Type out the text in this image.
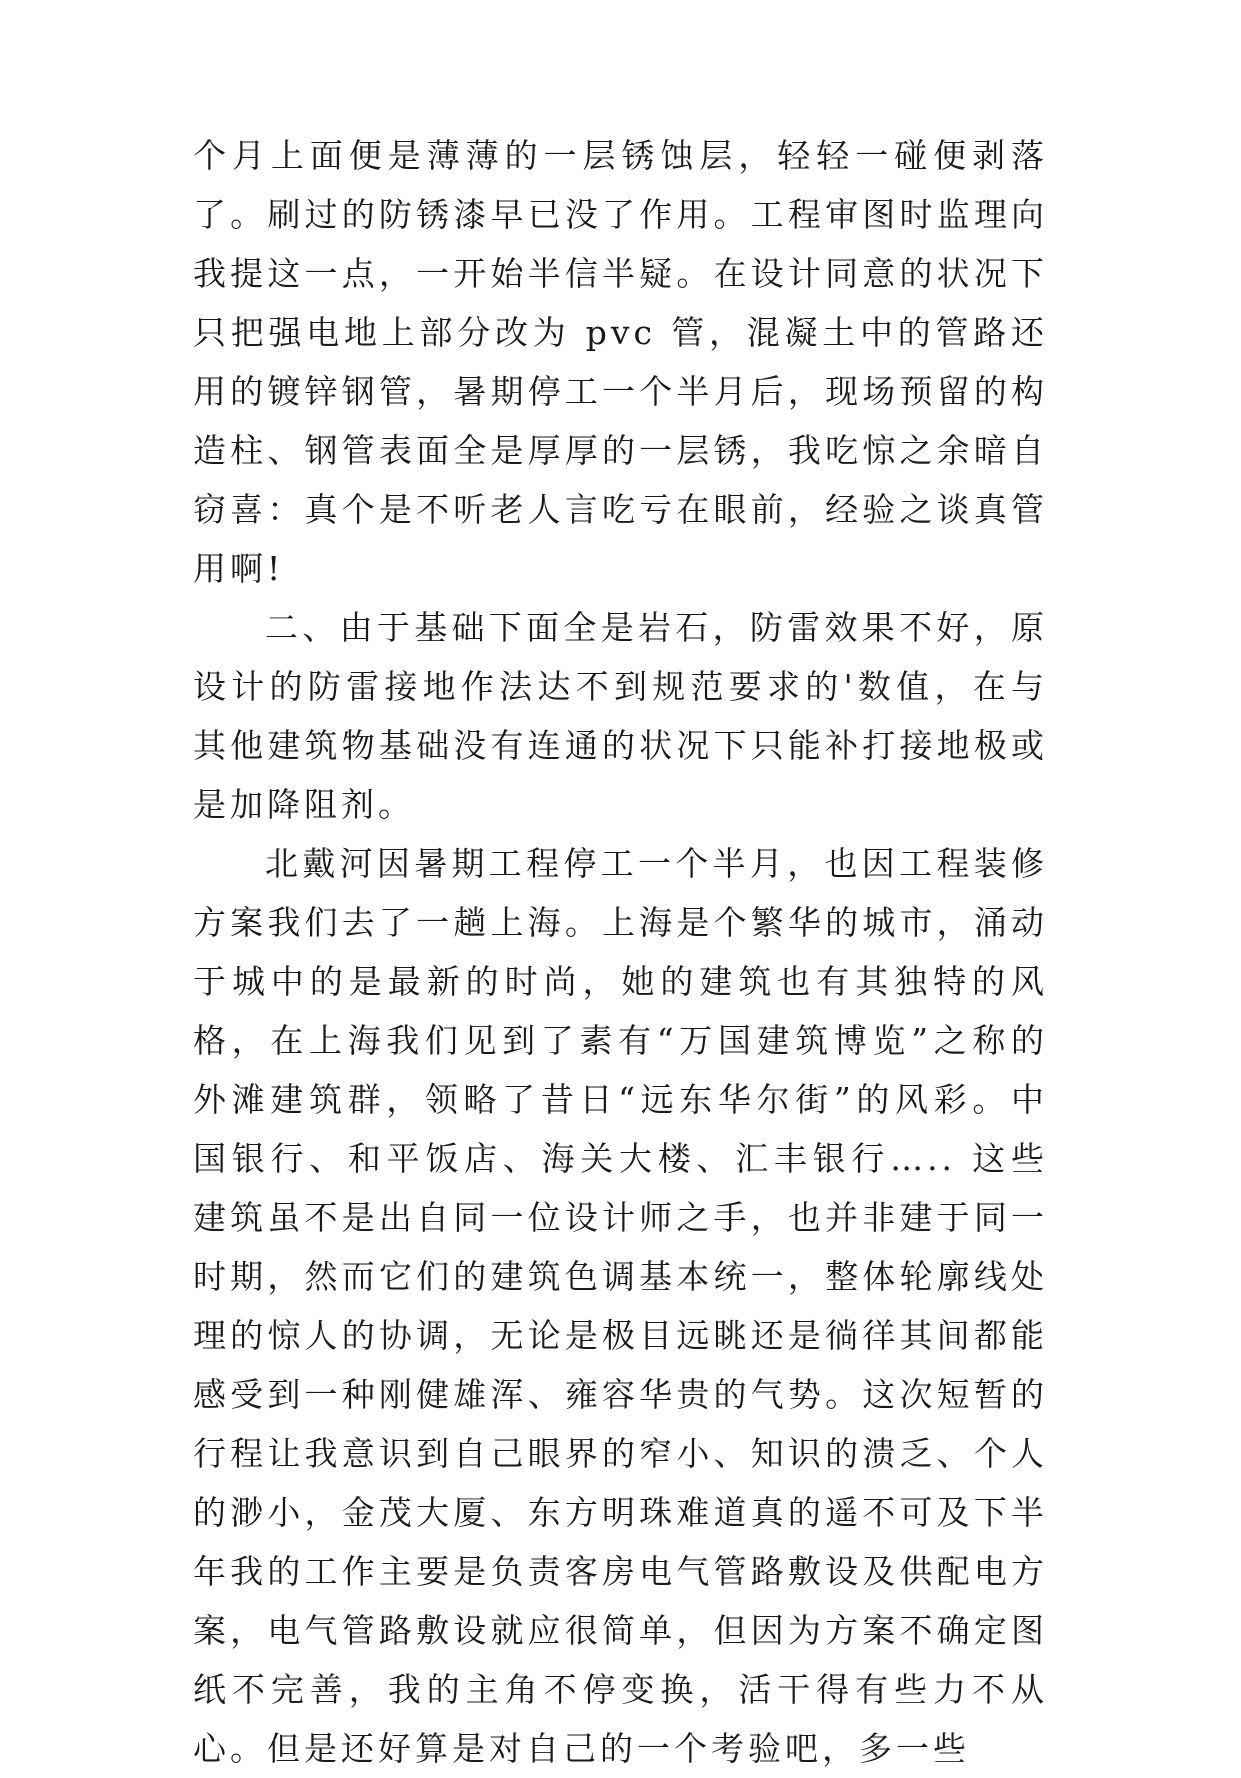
个月上面便是薄薄的一层锈蚀层，轻轻一碰便剥落了。刷过的防锈漆早已没了作用。工程审图时监理向我提这一点，一开始半信半疑。在设计同意的状况下只把强电地上部分改为 pvc 管，混凝土中的管路还用的镀锌钢管，暑期停工一个半月后，现场预留的构造柱、钢管表面全是厚厚的一层锈，我吃惊之余暗自窃喜：真个是不听老人言吃亏在眼前，经验之谈真管用啊!

二、由于基础下面全是岩石，防雷效果不好，原设计的防雷接地作法达不到规范要求的'数值，在与其他建筑物基础没有连通的状况下只能补打接地极或是加降阻剂。

北戴河因暑期工程停工一个半月，也因工程装修方案我们去了一趟上海。上海是个繁华的城市，涌动于城中的是最新的时尚，她的建筑也有其独特的风格，在上海我们见到了素有“万国建筑博览”之称的外滩建筑群，领略了昔日“远东华尔街”的风彩。中国银行、和平饭店、海关大楼、汇丰银行….. 这些建筑虽不是出自同一位设计师之手，也并非建于同一时期，然而它们的建筑色调基本统一，整体轮廓线处理的惊人的协调，无论是极目远眺还是徜徉其间都能感受到一种刚健雄浑、雍容华贵的气势。这次短暂的行程让我意识到自己眼界的窄小、知识的溃乏、个人的渺小，金茂大厦、东方明珠难道真的遥不可及下半年我的工作主要是负责客房电气管路敷设及供配电方案，电气管路敷设就应很简单，但因为方案不确定图纸不完善，我的主角不停变换，活干得有些力不从心。但是还好算是对自己的一个考验吧，多一些
